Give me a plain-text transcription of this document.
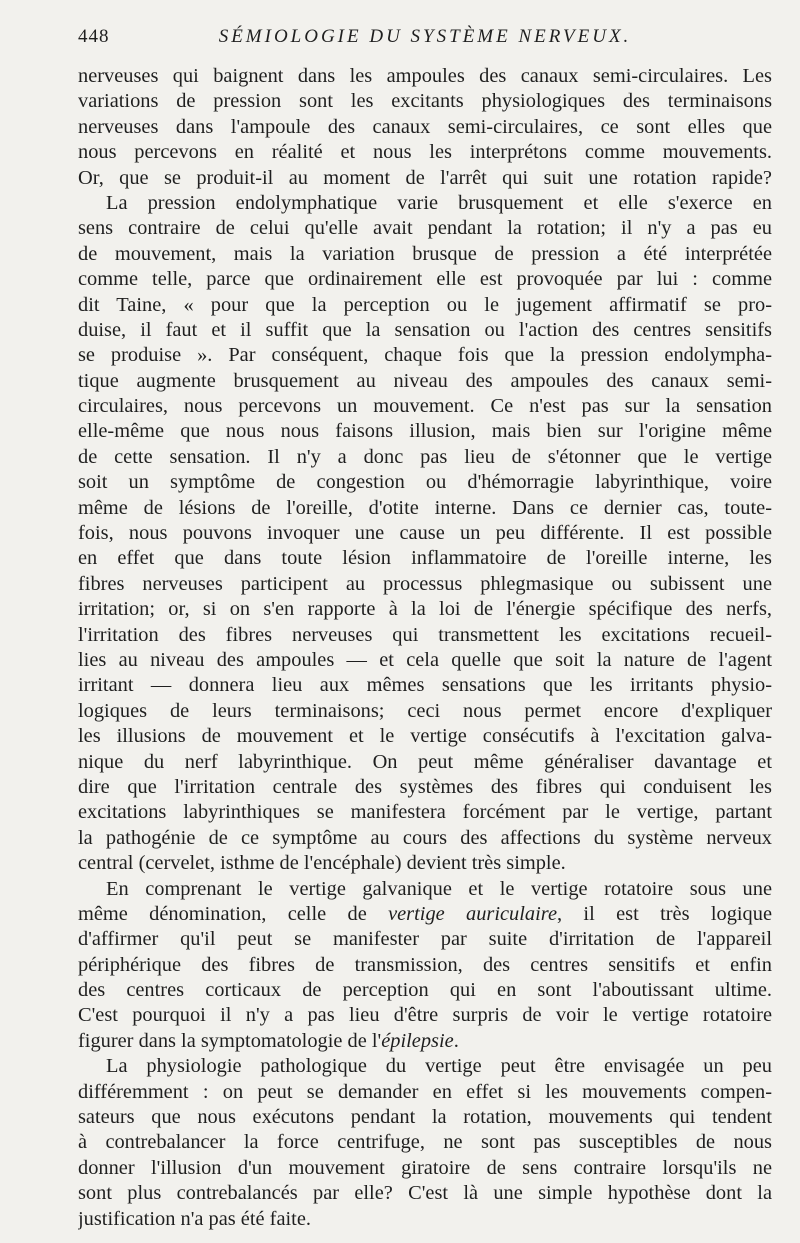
448	SÉMIOLOGIE DU SYSTÈME NERVEUX.
nerveuses qui baignent dans les ampoules des canaux semi-circulaires. Les
variations de pression sont les excitants physiologiques des terminaisons
nerveuses dans l'ampoule des canaux semi-circulaires, ce sont elles que
nous percevons en réalité et nous les interprétons comme mouvements.
Or, que se produit-il au moment de l'arrêt qui suit une rotation rapide?
La pression endolymphatique varie brusquement et elle s'exerce en
sens contraire de celui qu'elle avait pendant la rotation; il n'y a pas eu
de mouvement, mais la variation brusque de pression a été interprétée
comme telle, parce que ordinairement elle est provoquée par lui : comme
dit Taine, « pour que la perception ou le jugement affirmatif se pro-
duise, il faut et il suffit que la sensation ou l'action des centres sensitifs
se produise ». Par conséquent, chaque fois que la pression endolympha-
tique augmente brusquement au niveau des ampoules des canaux semi-
circulaires, nous percevons un mouvement. Ce n'est pas sur la sensation
elle-même que nous nous faisons illusion, mais bien sur l'origine même
de cette sensation. Il n'y a donc pas lieu de s'étonner que le vertige
soit un symptôme de congestion ou d'hémorragie labyrinthique, voire
même de lésions de l'oreille, d'otite interne. Dans ce dernier cas, toute-
fois, nous pouvons invoquer une cause un peu différente. Il est possible
en effet que dans toute lésion inflammatoire de l'oreille interne, les
fibres nerveuses participent au processus phlegmasique ou subissent une
irritation; or, si on s'en rapporte à la loi de l'énergie spécifique des nerfs,
l'irritation des fibres nerveuses qui transmettent les excitations recueil-
lies au niveau des ampoules — et cela quelle que soit la nature de l'agent
irritant — donnera lieu aux mêmes sensations que les irritants physio-
logiques de leurs terminaisons; ceci nous permet encore d'expliquer
les illusions de mouvement et le vertige consécutifs à l'excitation galva-
nique du nerf labyrinthique. On peut même généraliser davantage et
dire que l'irritation centrale des systèmes des fibres qui conduisent les
excitations labyrinthiques se manifestera forcément par le vertige, partant
la pathogénie de ce symptôme au cours des affections du système nerveux
central (cervelet, isthme de l'encéphale) devient très simple.
En comprenant le vertige galvanique et le vertige rotatoire sous une
même dénomination, celle de vertige auriculaire, il est très logique
d'affirmer qu'il peut se manifester par suite d'irritation de l'appareil
périphérique des fibres de transmission, des centres sensitifs et enfin
des centres corticaux de perception qui en sont l'aboutissant ultime.
C'est pourquoi il n'y a pas lieu d'être surpris de voir le vertige rotatoire
figurer dans la symptomatologie de l'épilepsie.
La physiologie pathologique du vertige peut être envisagée un peu
différemment : on peut se demander en effet si les mouvements compen-
sateurs que nous exécutons pendant la rotation, mouvements qui tendent
à contrebalancer la force centrifuge, ne sont pas susceptibles de nous
donner l'illusion d'un mouvement giratoire de sens contraire lorsqu'ils ne
sont plus contrebalancés par elle? C'est là une simple hypothèse dont la
justification n'a pas été faite.
